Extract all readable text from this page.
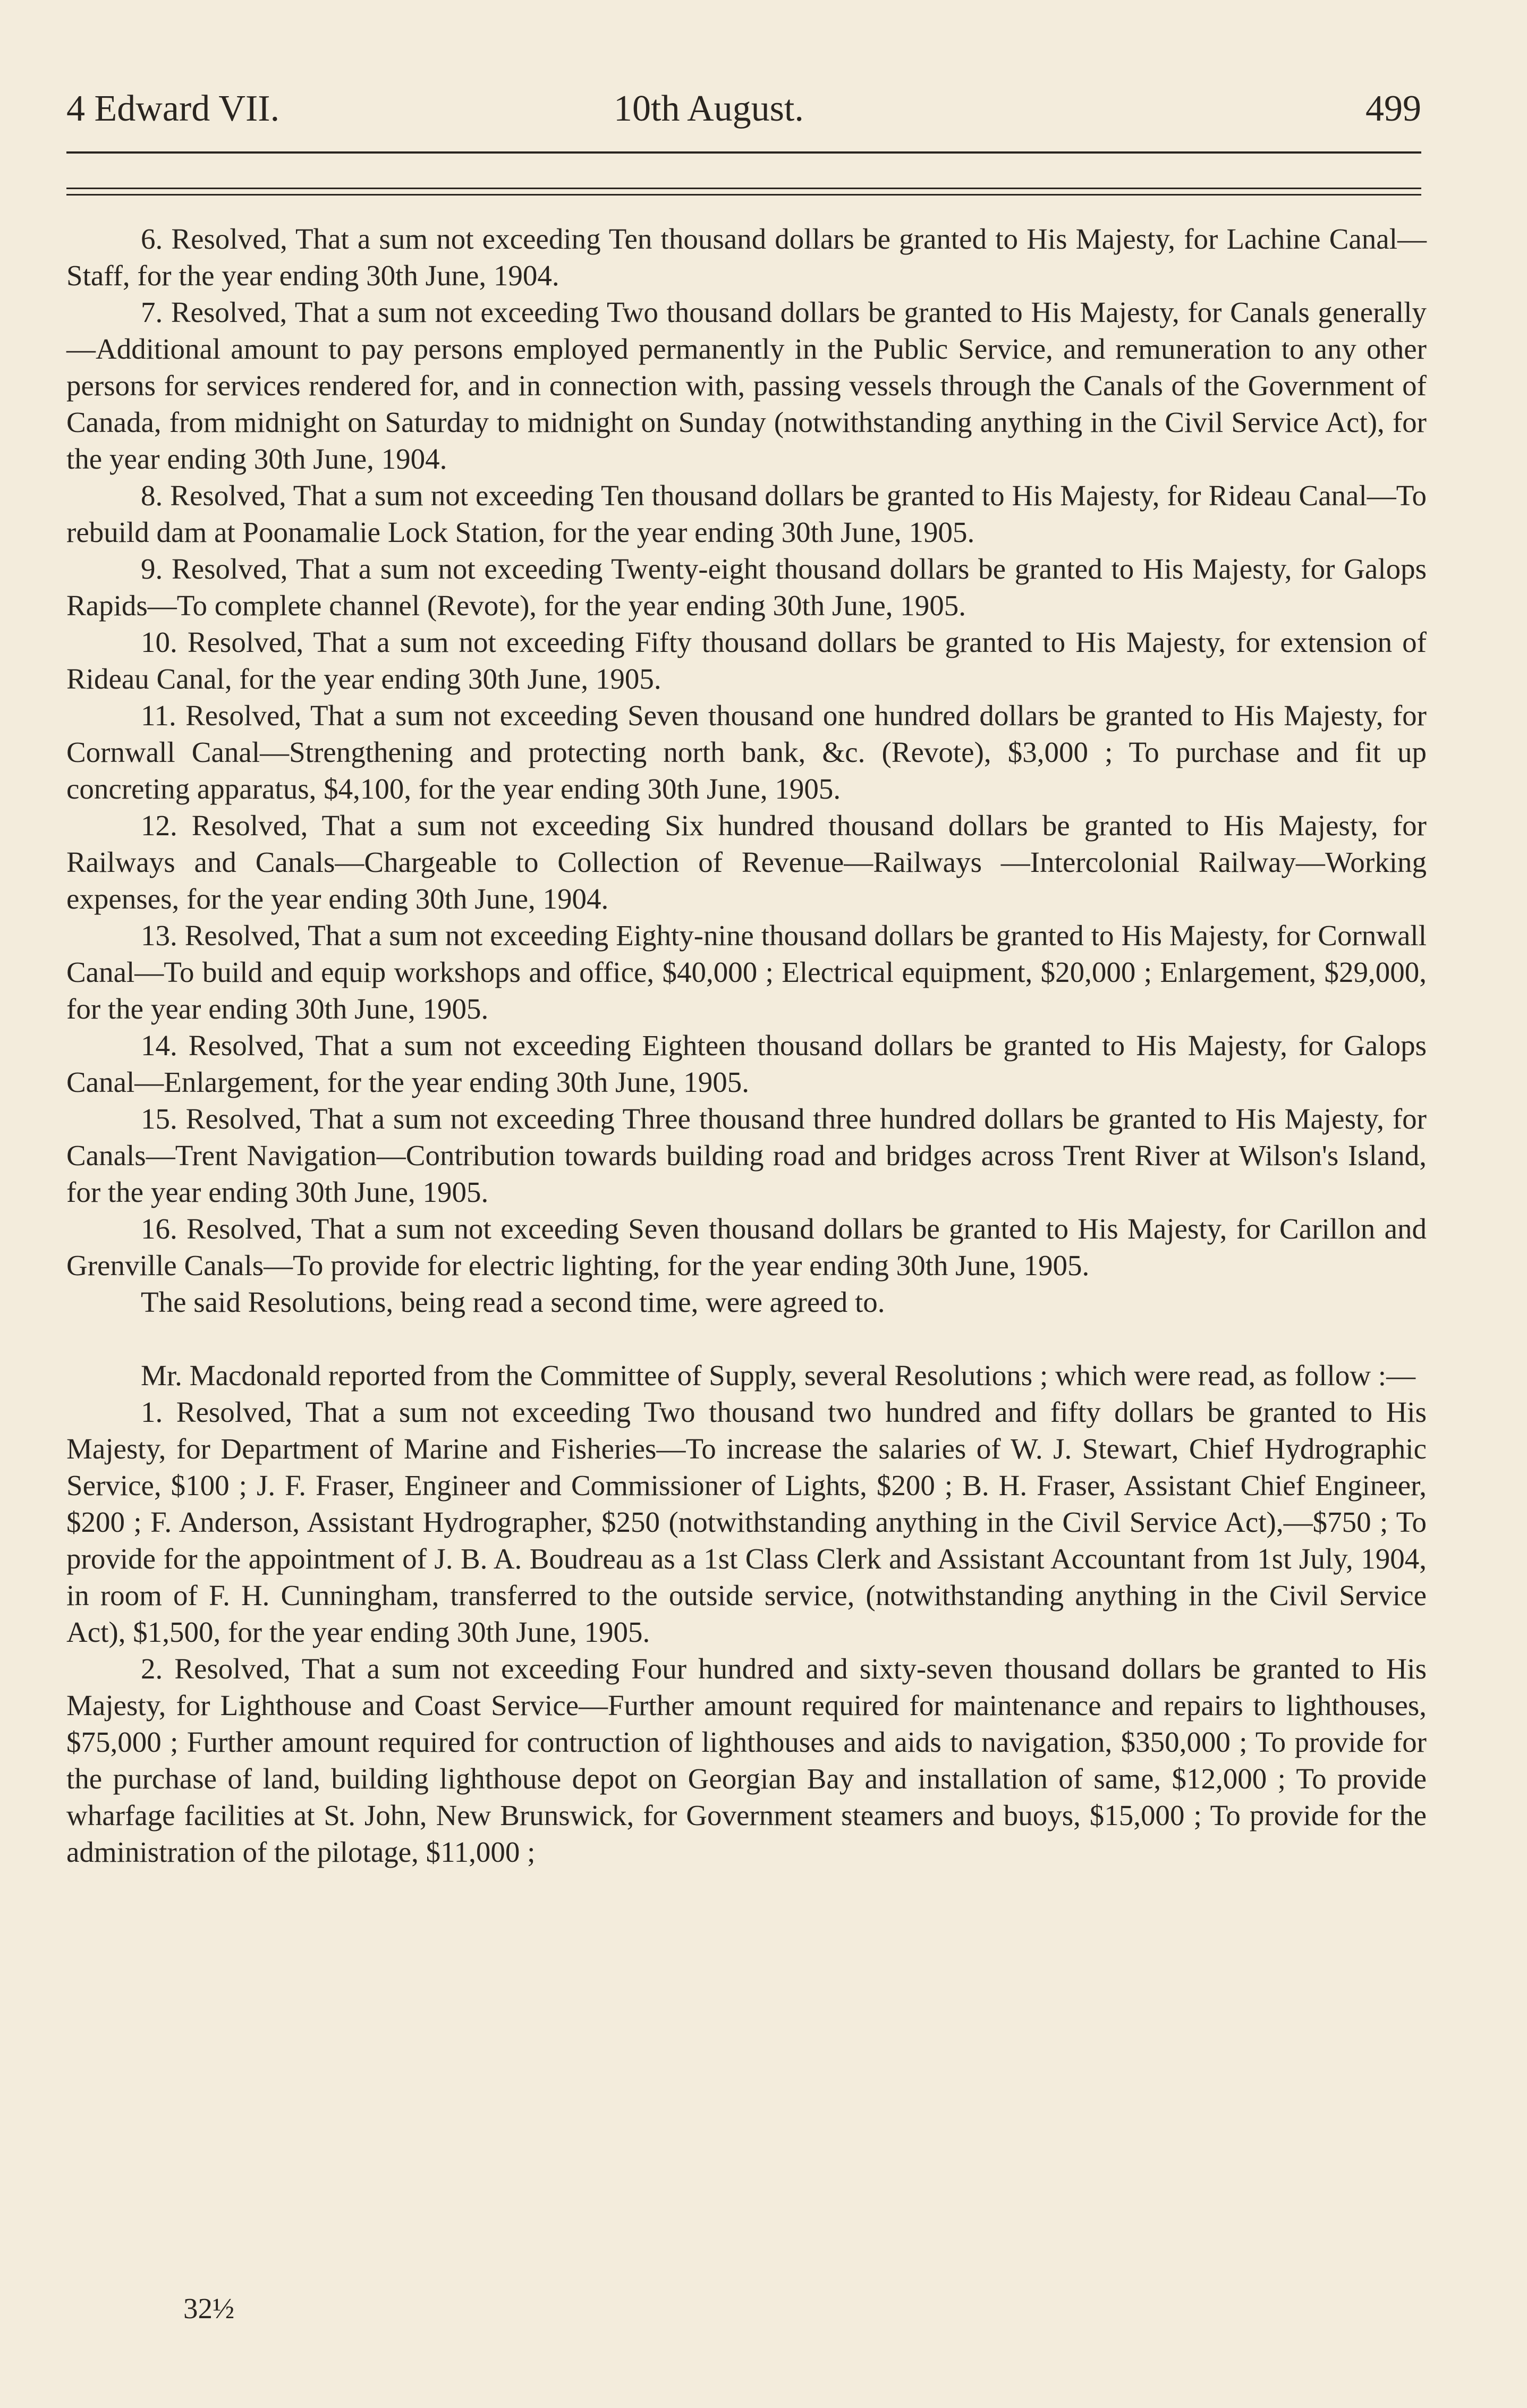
4 Edward VII.	10th August.	499

6. Resolved, That a sum not exceeding Ten thousand dollars be granted to His Majesty, for Lachine Canal—Staff, for the year ending 30th June, 1904.

7. Resolved, That a sum not exceeding Two thousand dollars be granted to His Majesty, for Canals generally—Additional amount to pay persons employed permanently in the Public Service, and remuneration to any other persons for services rendered for, and in connection with, passing vessels through the Canals of the Government of Canada, from midnight on Saturday to midnight on Sunday (notwithstanding anything in the Civil Service Act), for the year ending 30th June, 1904.

8. Resolved, That a sum not exceeding Ten thousand dollars be granted to His Majesty, for Rideau Canal—To rebuild dam at Poonamalie Lock Station, for the year ending 30th June, 1905.

9. Resolved, That a sum not exceeding Twenty-eight thousand dollars be granted to His Majesty, for Galops Rapids—To complete channel (Revote), for the year ending 30th June, 1905.

10. Resolved, That a sum not exceeding Fifty thousand dollars be granted to His Majesty, for extension of Rideau Canal, for the year ending 30th June, 1905.

11. Resolved, That a sum not exceeding Seven thousand one hundred dollars be granted to His Majesty, for Cornwall Canal—Strengthening and protecting north bank, &c. (Revote), $3,000 ; To purchase and fit up concreting apparatus, $4,100, for the year ending 30th June, 1905.

12. Resolved, That a sum not exceeding Six hundred thousand dollars be granted to His Majesty, for Railways and Canals—Chargeable to Collection of Revenue—Railways —Intercolonial Railway—Working expenses, for the year ending 30th June, 1904.

13. Resolved, That a sum not exceeding Eighty-nine thousand dollars be granted to His Majesty, for Cornwall Canal—To build and equip workshops and office, $40,000 ; Electrical equipment, $20,000 ; Enlargement, $29,000, for the year ending 30th June, 1905.

14. Resolved, That a sum not exceeding Eighteen thousand dollars be granted to His Majesty, for Galops Canal—Enlargement, for the year ending 30th June, 1905.

15. Resolved, That a sum not exceeding Three thousand three hundred dollars be granted to His Majesty, for Canals—Trent Navigation—Contribution towards building road and bridges across Trent River at Wilson's Island, for the year ending 30th June, 1905.

16. Resolved, That a sum not exceeding Seven thousand dollars be granted to His Majesty, for Carillon and Grenville Canals—To provide for electric lighting, for the year ending 30th June, 1905.

The said Resolutions, being read a second time, were agreed to.

Mr. Macdonald reported from the Committee of Supply, several Resolutions ; which were read, as follow :—

1. Resolved, That a sum not exceeding Two thousand two hundred and fifty dollars be granted to His Majesty, for Department of Marine and Fisheries—To increase the salaries of W. J. Stewart, Chief Hydrographic Service, $100 ; J. F. Fraser, Engineer and Commissioner of Lights, $200 ; B. H. Fraser, Assistant Chief Engineer, $200 ; F. Anderson, Assistant Hydrographer, $250 (notwithstanding anything in the Civil Service Act),—$750 ; To provide for the appointment of J. B. A. Boudreau as a 1st Class Clerk and Assistant Accountant from 1st July, 1904, in room of F. H. Cunningham, transferred to the outside service, (notwithstanding anything in the Civil Service Act), $1,500, for the year ending 30th June, 1905.

2. Resolved, That a sum not exceeding Four hundred and sixty-seven thousand dollars be granted to His Majesty, for Lighthouse and Coast Service—Further amount required for maintenance and repairs to lighthouses, $75,000 ; Further amount required for contruction of lighthouses and aids to navigation, $350,000 ; To provide for the purchase of land, building lighthouse depot on Georgian Bay and installation of same, $12,000 ; To provide wharfage facilities at St. John, New Brunswick, for Government steamers and buoys, $15,000 ; To provide for the administration of the pilotage, $11,000 ;

32½
